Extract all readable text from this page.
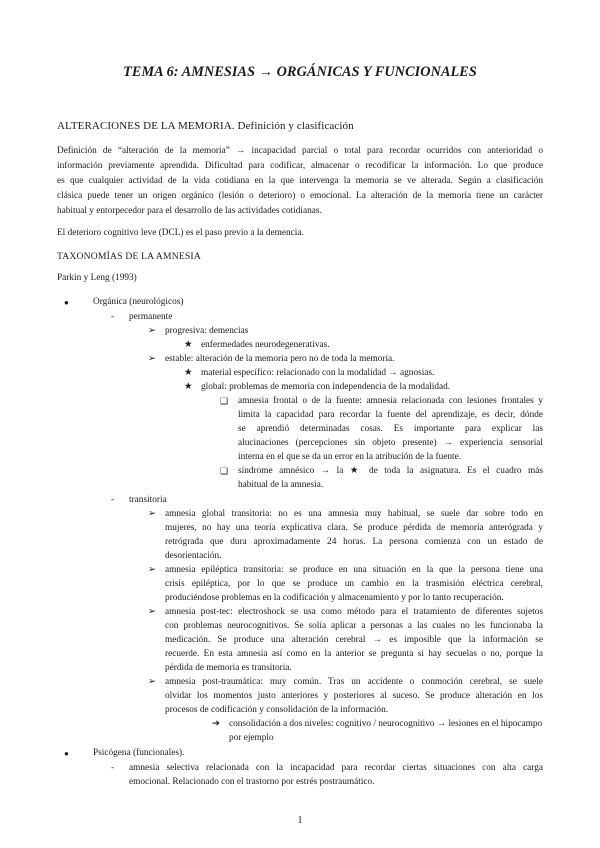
TEMA 6: AMNESIAS → ORGÁNICAS Y FUNCIONALES

ALTERACIONES DE LA MEMORIA. Definición y clasificación

Definición de “alteración de la memoria” → incapacidad parcial o total para recordar ocurridos con anterioridad o

información previamente aprendida. Dificultad para codificar, almacenar o recodificar la información. Lo que produce

es que cualquier actividad de la vida cotidiana en la que intervenga la memoria se ve alterada. Según a clasificación

clásica puede tener un origen orgánico (lesión o deterioro) o emocional. La alteración de la memoria tiene un carácter

habitual y entorpecedor para el desarrollo de las actividades cotidianas.

El deterioro cognitivo leve (DCL) es el paso previo a la demencia.

TAXONOMÍAS DE LA AMNESIA

Parkin y Leng (1993)

●	Orgánica (neurológicos)

- permanente

➢ progresiva: demencias

★ enfermedades neurodegenerativas.

➢ estable: alteración de la memoria pero no de toda la memoria.

★ material específico: relacionado con la modalidad → agnosias.

★ global: problemas de memoria con independencia de la modalidad.

❑ amnesia frontal o de la fuente: amnesia relacionada con lesiones frontales y

limita la capacidad para recordar la fuente del aprendizaje, es decir, dónde

se aprendió determinadas cosas. Es importante para explicar las

alucinaciones (percepciones sin objeto presente) → experiencia sensorial

interna en el que se da un error en la atribución de la fuente.

❑ síndrome amnésico → la ★ de toda la asignatura. Es el cuadro más

habitual de la amnesia.

- transitoria

➢ amnesia global transitoria: no es una amnesia muy habitual, se suele dar sobre todo en

mujeres, no hay una teoría explicativa clara. Se produce pérdida de memoria anterógrada y

retrógrada que dura aproximadamente 24 horas. La persona comienza con un estado de

desorientación.

➢ amnesia epiléptica transitoria: se produce en una situación en la que la persona tiene una

crisis epiléptica, por lo que se produce un cambio en la trasmisión eléctrica cerebral,

produciéndose problemas en la codificación y almacenamiento y por lo tanto recuperación.

➢ amnesia post-tec: electroshock se usa como método para el tratamiento de diferentes sujetos

con problemas neurocognitivos. Se solía aplicar a personas a las cuales no les funcionaba la

medicación. Se produce una alteración cerebral → es imposible que la información se

recuerde. En esta amnesia así como en la anterior se pregunta si hay secuelas o no, porque la

pérdida de memoria es transitoria.

➢ amnesia post-traumática: muy común. Tras un accidente o conmoción cerebral, se suele

olvidar los momentos justo anteriores y posteriores al suceso. Se produce alteración en los

procesos de codificación y consolidación de la información.

➔ consolidación a dos niveles: cognitivo / neurocognitivo → lesiones en el hipocampo

por ejemplo

●	Psicógena (funcionales).

- amnesia selectiva relacionada con la incapacidad para recordar ciertas situaciones con alta carga

emocional. Relacionado con el trastorno por estrés postraumático.

1
